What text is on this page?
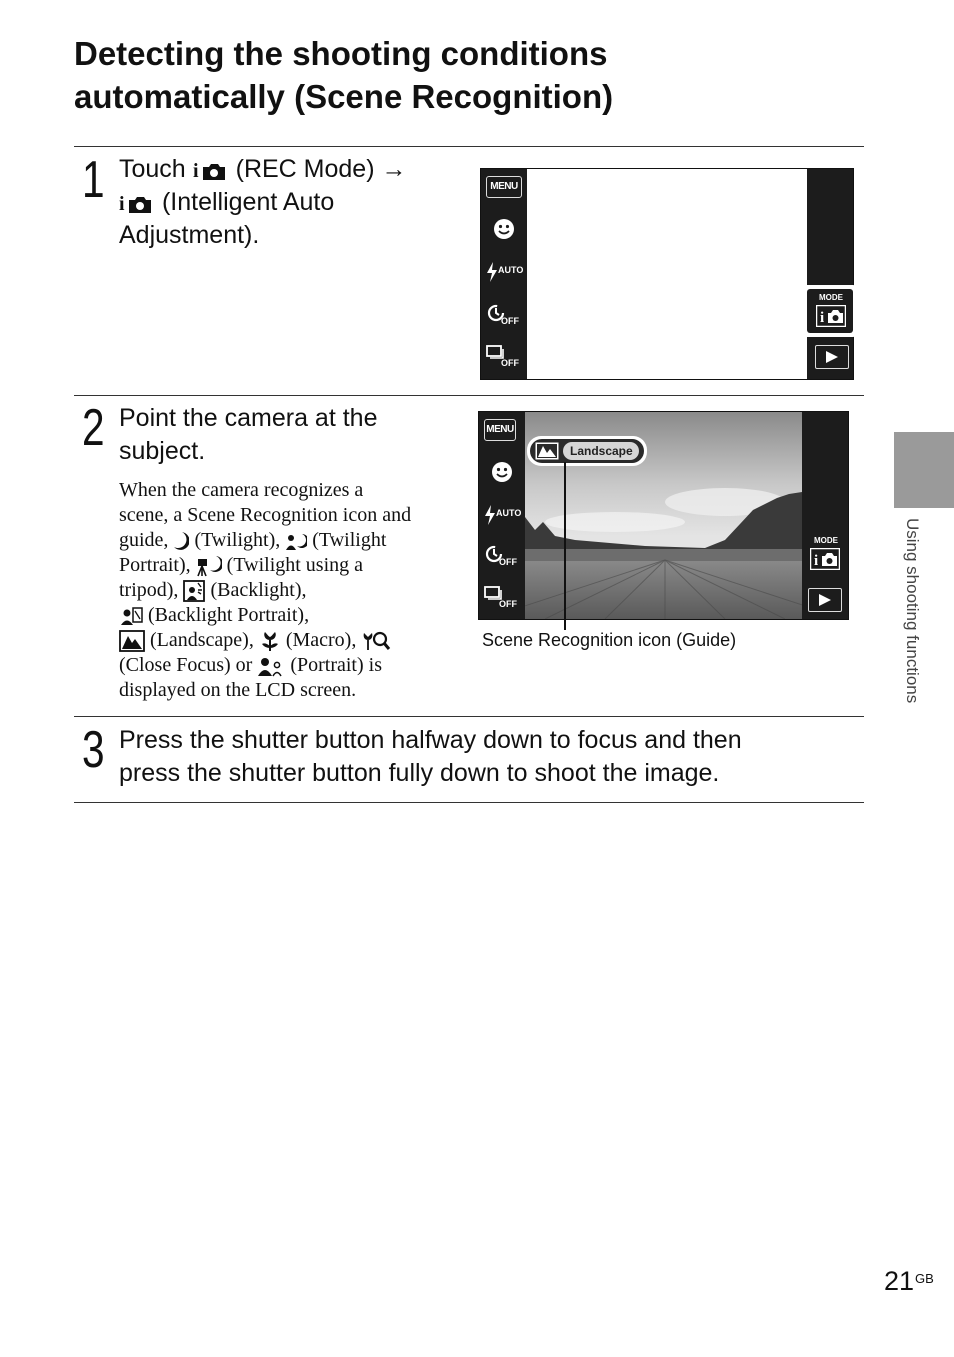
Detecting the shooting conditions
automatically (Scene Recognition)
1 Touch i (REC Mode) →
i (Intelligent Auto
Adjustment).
MENU
AUTO
OFF
OFF
MODE
i
2 Point the camera at the
subject.
When the camera recognizes a
scene, a Scene Recognition icon and
guide,  (Twilight),  (Twilight
Portrait),  (Twilight using a
tripod),  (Backlight),
(Backlight Portrait),
(Landscape),  (Macro),
(Close Focus) or  (Portrait) is
displayed on the LCD screen.
MENU
AUTO
OFF
OFF
MODE
i
Landscape
Scene Recognition icon (Guide)
3 Press the shutter button halfway down to focus and then
press the shutter button fully down to shoot the image.
Using shooting functions
21 GB
